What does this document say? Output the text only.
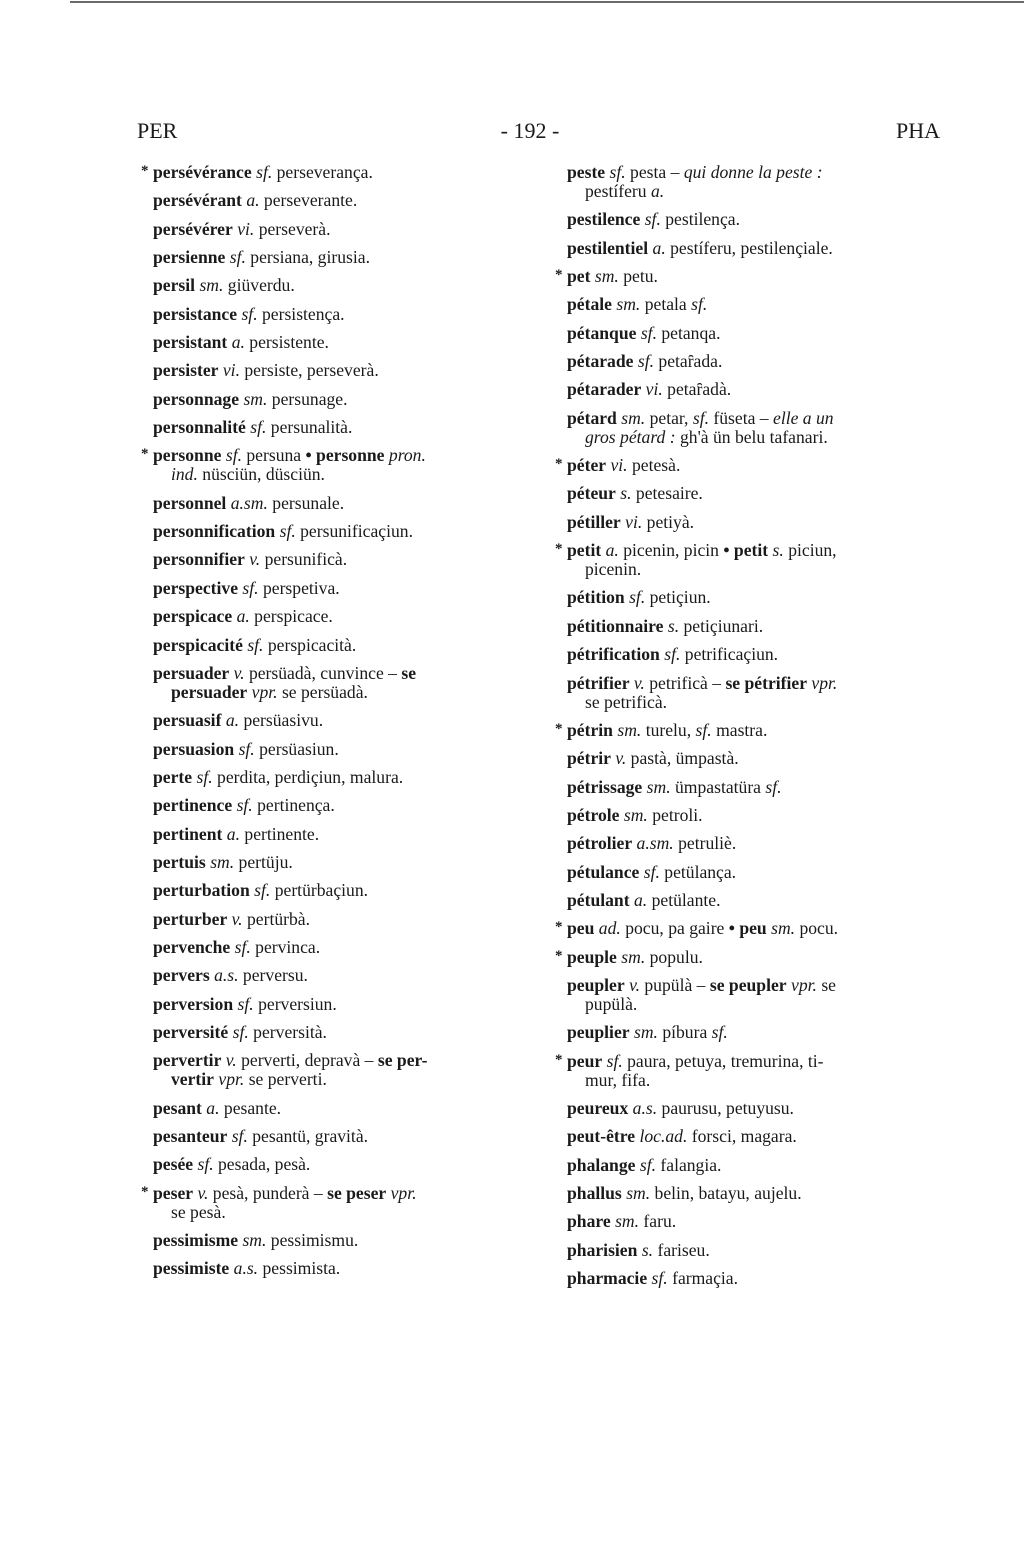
PER	- 192 -	PHA
* persévérance sf. perseverança.
persévérant a. perseverante.
persévérer vi. perseverà.
persienne sf. persiana, girusia.
persil sm. giüverdu.
persistance sf. persistença.
persistant a. persistente.
persister vi. persiste, perseverà.
personnage sm. persunage.
personnalité sf. persunalità.
* personne sf. persuna • personne pron.
ind. nüsciün, düsciün.
personnel a.sm. persunale.
personnification sf. persunificaçiun.
personnifier v. persunificà.
perspective sf. perspetiva.
perspicace a. perspicace.
perspicacité sf. perspicacità.
persuader v. persüadà, cunvince – se
persuader vpr. se persüadà.
persuasif a. persüasivu.
persuasion sf. persüasiun.
perte sf. perdita, perdiçiun, malura.
pertinence sf. pertinença.
pertinent a. pertinente.
pertuis sm. pertüju.
perturbation sf. pertürbaçiun.
perturber v. pertürbà.
pervenche sf. pervinca.
pervers a.s. perversu.
perversion sf. perversiun.
perversité sf. perversità.
pervertir v. perverti, depravà – se per-
vertir vpr. se perverti.
pesant a. pesante.
pesanteur sf. pesantü, gravità.
pesée sf. pesada, pesà.
* peser v. pesà, punderà – se peser vpr.
se pesà.
pessimisme sm. pessimismu.
pessimiste a.s. pessimista.
peste sf. pesta – qui donne la peste :
pestíferu a.
pestilence sf. pestilença.
pestilentiel a. pestíferu, pestilençiale.
* pet sm. petu.
pétale sm. petala sf.
pétanque sf. petanqa.
pétarade sf. petaȓada.
pétarader vi. petaȓadà.
pétard sm. petar, sf. füseta – elle a un
gros pétard : gh'à ün belu tafanari.
* péter vi. petesà.
péteur s. petesaire.
pétiller vi. petiyà.
* petit a. picenin, picin • petit s. piciun,
picenin.
pétition sf. petiçiun.
pétitionnaire s. petiçiunari.
pétrification sf. petrificaçiun.
pétrifier v. petrificà – se pétrifier vpr.
se petrificà.
* pétrin sm. turelu, sf. mastra.
pétrir v. pastà, ümpastà.
pétrissage sm. ümpastatüra sf.
pétrole sm. petroli.
pétrolier a.sm. petruliè.
pétulance sf. petülança.
pétulant a. petülante.
* peu ad. pocu, pa gaire • peu sm. pocu.
* peuple sm. populu.
peupler v. pupülà – se peupler vpr. se
pupülà.
peuplier sm. píbura sf.
* peur sf. paura, petuya, tremurina, ti-
mur, fifa.
peureux a.s. paurusu, petuyusu.
peut-être loc.ad. forsci, magara.
phalange sf. falangia.
phallus sm. belin, batayu, aujelu.
phare sm. faru.
pharisien s. fariseu.
pharmacie sf. farmaçia.
